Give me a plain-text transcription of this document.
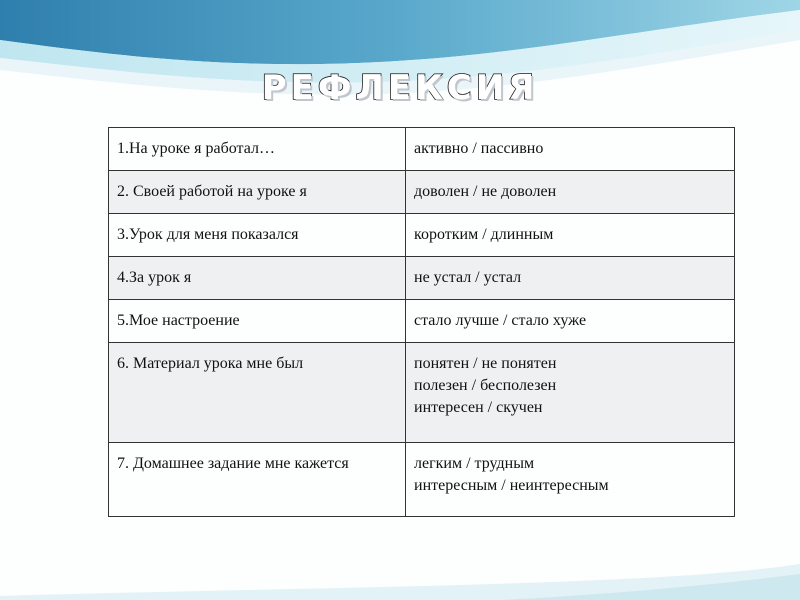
РЕФЛЕКСИЯ
1.На уроке я работал…	активно / пассивно

2. Своей работой на уроке я	доволен / не доволен

3.Урок для меня показался	коротким / длинным

4.За урок я	не устал / устал

5.Мое настроение	стало лучше / стало хуже

6. Материал урока мне был	понятен / не понятен
полезен / бесполезен
интересен / скучен

7. Домашнее задание мне кажется	легким / трудным
интересным / неинтересным
